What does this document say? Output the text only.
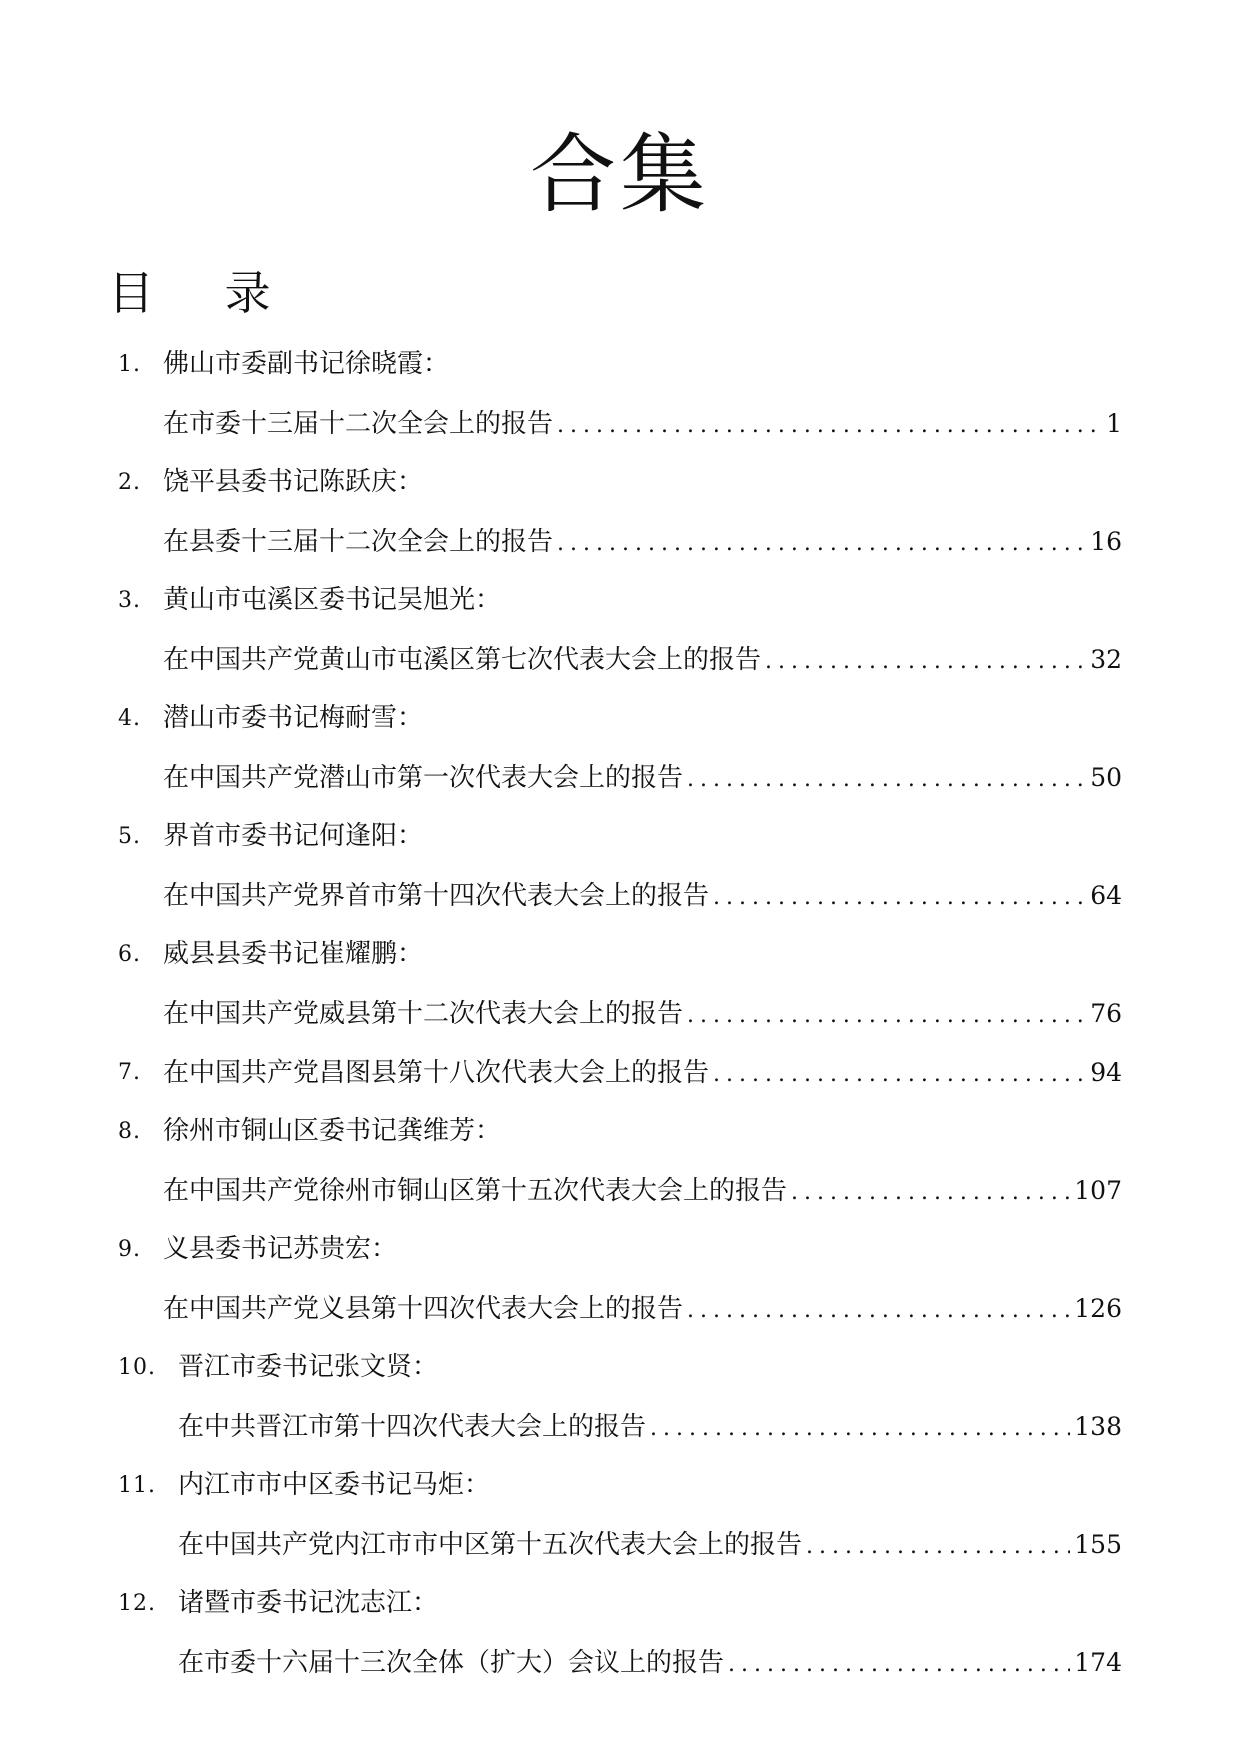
合集
目 录
1. 佛山市委副书记徐晓霞：
在市委十三届十二次全会上的报告 .....	1
2. 饶平县委书记陈跃庆：
在县委十三届十二次全会上的报告 .....	16
3. 黄山市屯溪区委书记吴旭光：
在中国共产党黄山市屯溪区第七次代表大会上的报告 .....	32
4. 潜山市委书记梅耐雪：
在中国共产党潜山市第一次代表大会上的报告 .....	50
5. 界首市委书记何逢阳：
在中国共产党界首市第十四次代表大会上的报告 .....	64
6. 威县县委书记崔耀鹏：
在中国共产党威县第十二次代表大会上的报告 .....	76
7. 在中国共产党昌图县第十八次代表大会上的报告 .....	94
8. 徐州市铜山区委书记龚维芳：
在中国共产党徐州市铜山区第十五次代表大会上的报告 .....	107
9. 义县委书记苏贵宏：
在中国共产党义县第十四次代表大会上的报告 .....	126
10. 晋江市委书记张文贤：
在中共晋江市第十四次代表大会上的报告 .....	138
11. 内江市市中区委书记马炬：
在中国共产党内江市市中区第十五次代表大会上的报告 .....	155
12. 诸暨市委书记沈志江：
在市委十六届十三次全体（扩大）会议上的报告 .....	174
